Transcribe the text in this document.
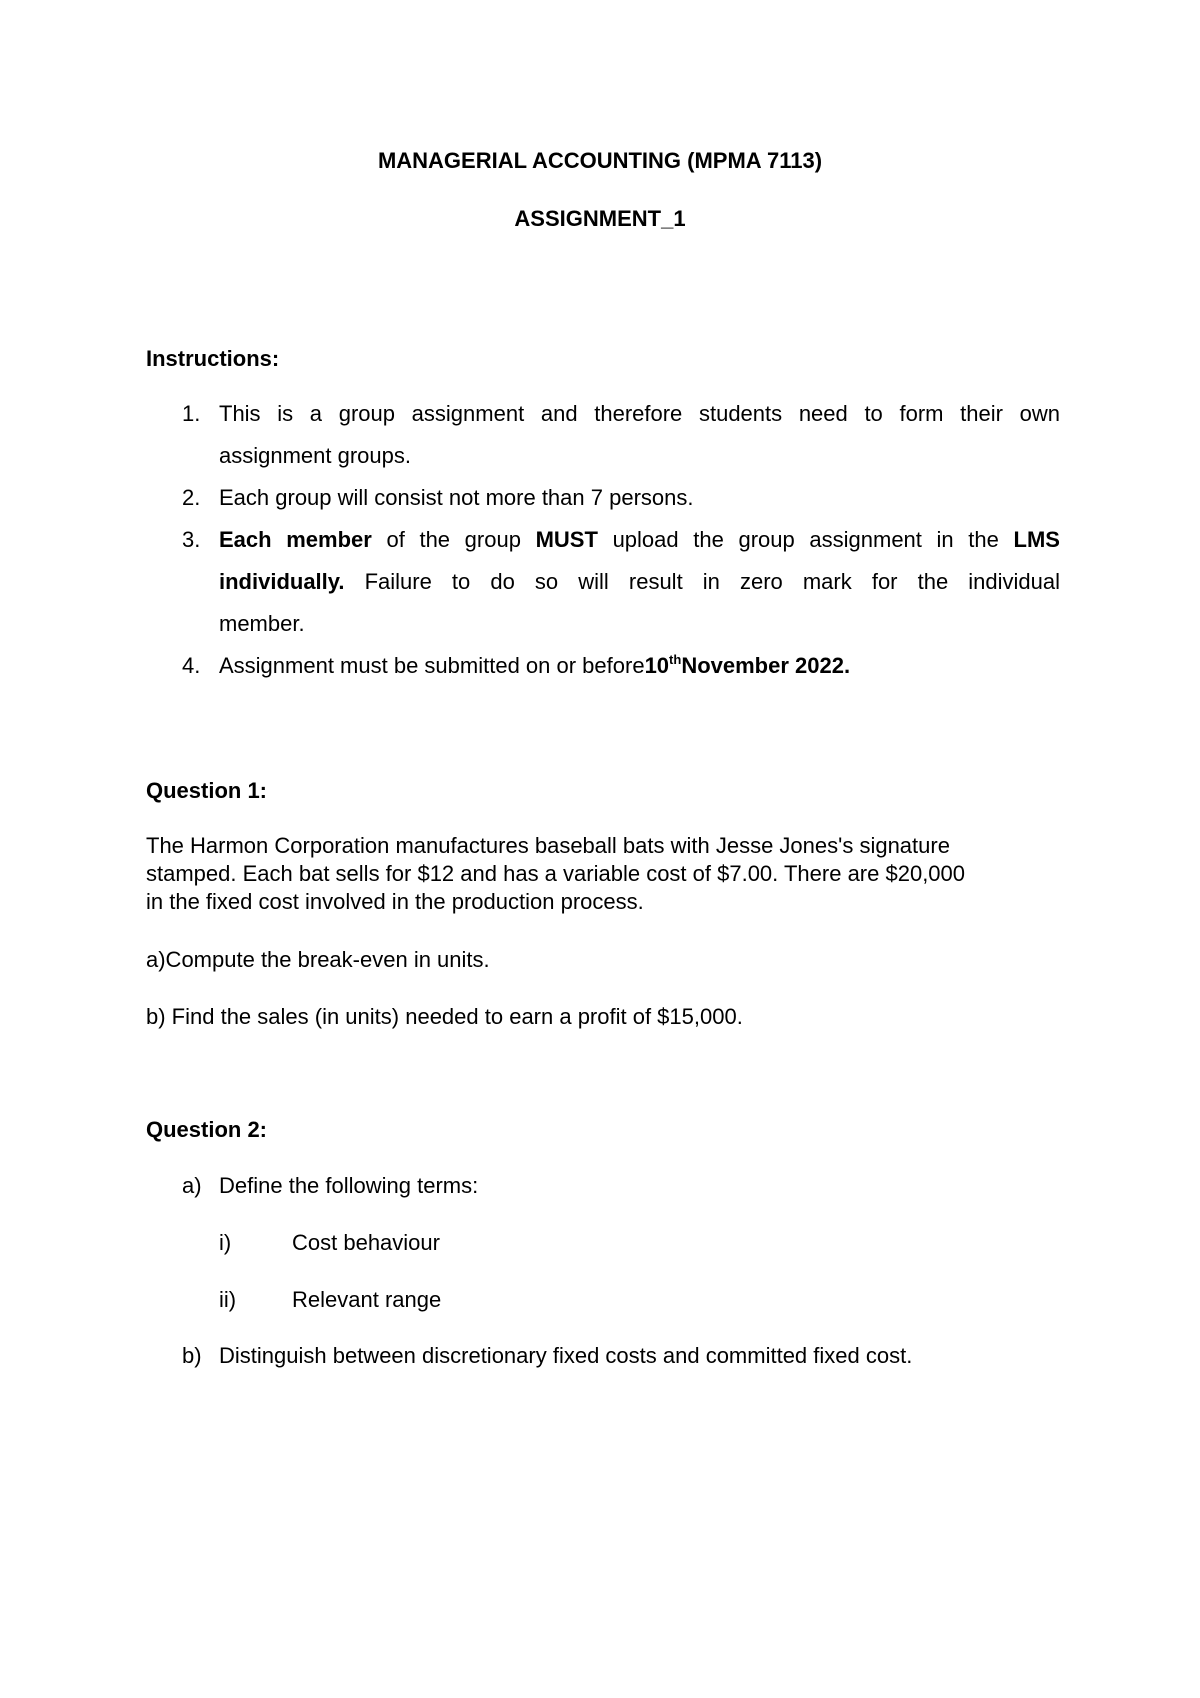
MANAGERIAL ACCOUNTING (MPMA 7113)
ASSIGNMENT_1
Instructions:
1. This is a group assignment and therefore students need to form their own
assignment groups.
2. Each group will consist not more than 7 persons.
3. Each member of the group MUST upload the group assignment in the LMS
individually. Failure to do so will result in zero mark for the individual
member.
4. Assignment must be submitted on or before10thNovember 2022.
Question 1:
The Harmon Corporation manufactures baseball bats with Jesse Jones's signature
stamped. Each bat sells for $12 and has a variable cost of $7.00. There are $20,000
in the fixed cost involved in the production process.
a)Compute the break-even in units.
b) Find the sales (in units) needed to earn a profit of $15,000.
Question 2:
a) Define the following terms:
i)	Cost behaviour
ii)	Relevant range
b) Distinguish between discretionary fixed costs and committed fixed cost.
